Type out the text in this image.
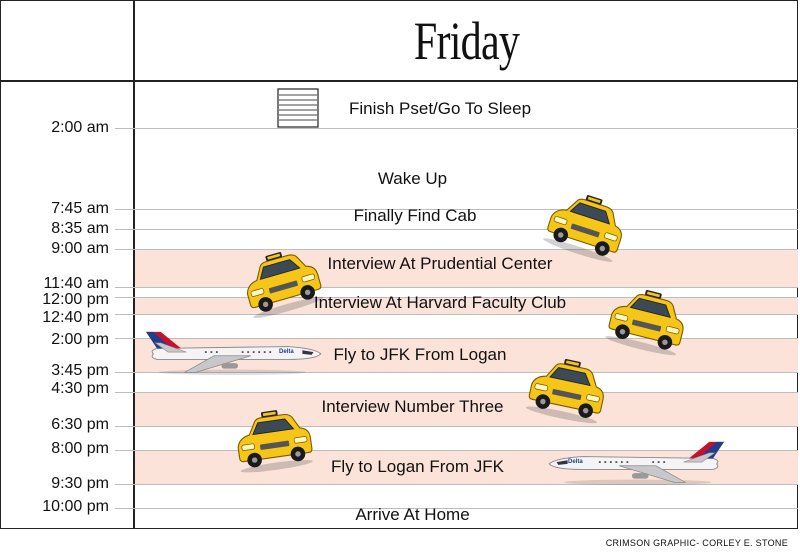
Friday
2:00 am
7:45 am
8:35 am
9:00 am
11:40 am
12:00 pm
12:40 pm
2:00 pm
3:45 pm
4:30 pm
6:30 pm
8:00 pm
9:30 pm
10:00 pm
Finish Pset/Go To Sleep
Wake Up
Finally Find Cab
Interview At Prudential Center
Interview At Harvard Faculty Club
Fly to JFK From Logan
Interview Number Three
Fly to Logan From JFK
Arrive At Home
Delta
Delta
CRIMSON GRAPHIC- CORLEY E. STONE
